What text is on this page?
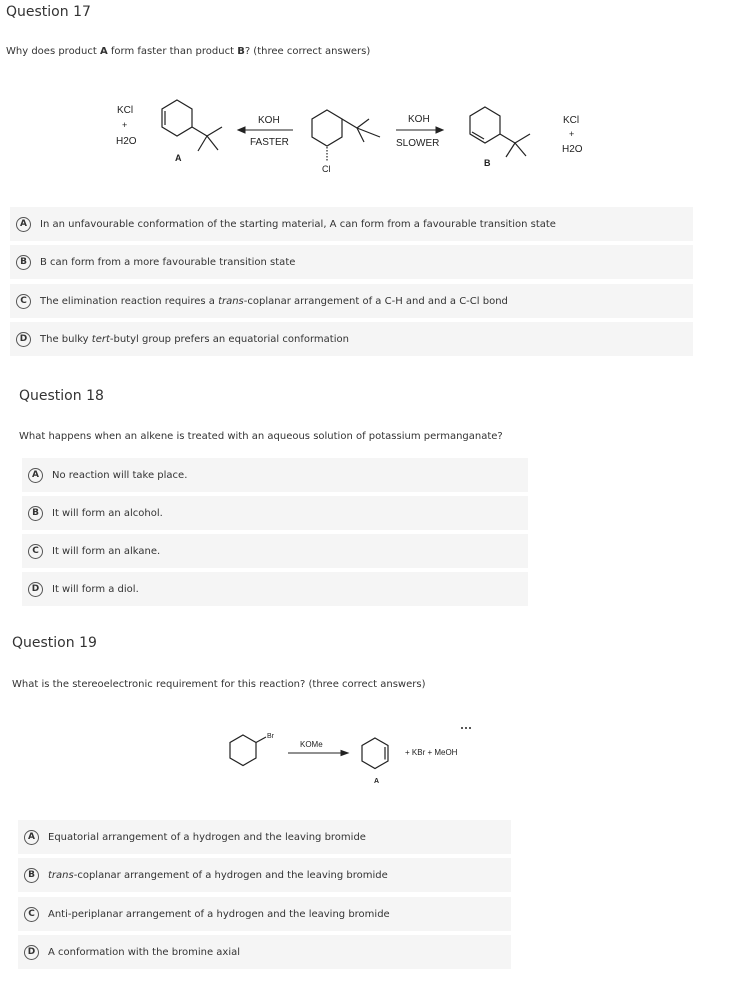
Question 17

Why does product A form faster than product B? (three correct answers)

KCl
+
H2O
A
KOH
FASTER
Cl
KOH
SLOWER
B
KCl
+
H2O
A	In an unfavourable conformation of the starting material, A can form from a favourable transition state
B	B can form from a more favourable transition state
C	The elimination reaction requires a trans-coplanar arrangement of a C-H and and a C-Cl bond
D	The bulky tert-butyl group prefers an equatorial conformation
Question 18

What happens when an alkene is treated with an aqueous solution of potassium permanganate?

A	No reaction will take place.
B	It will form an alcohol.
C	It will form an alkane.
D	It will form a diol.
Question 19

What is the stereoelectronic requirement for this reaction? (three correct answers)

Br
KOMe
A
+ KBr + MeOH
A	Equatorial arrangement of a hydrogen and the leaving bromide
B	trans-coplanar arrangement of a hydrogen and the leaving bromide
C	Anti-periplanar arrangement of a hydrogen and the leaving bromide
D	A conformation with the bromine axial
